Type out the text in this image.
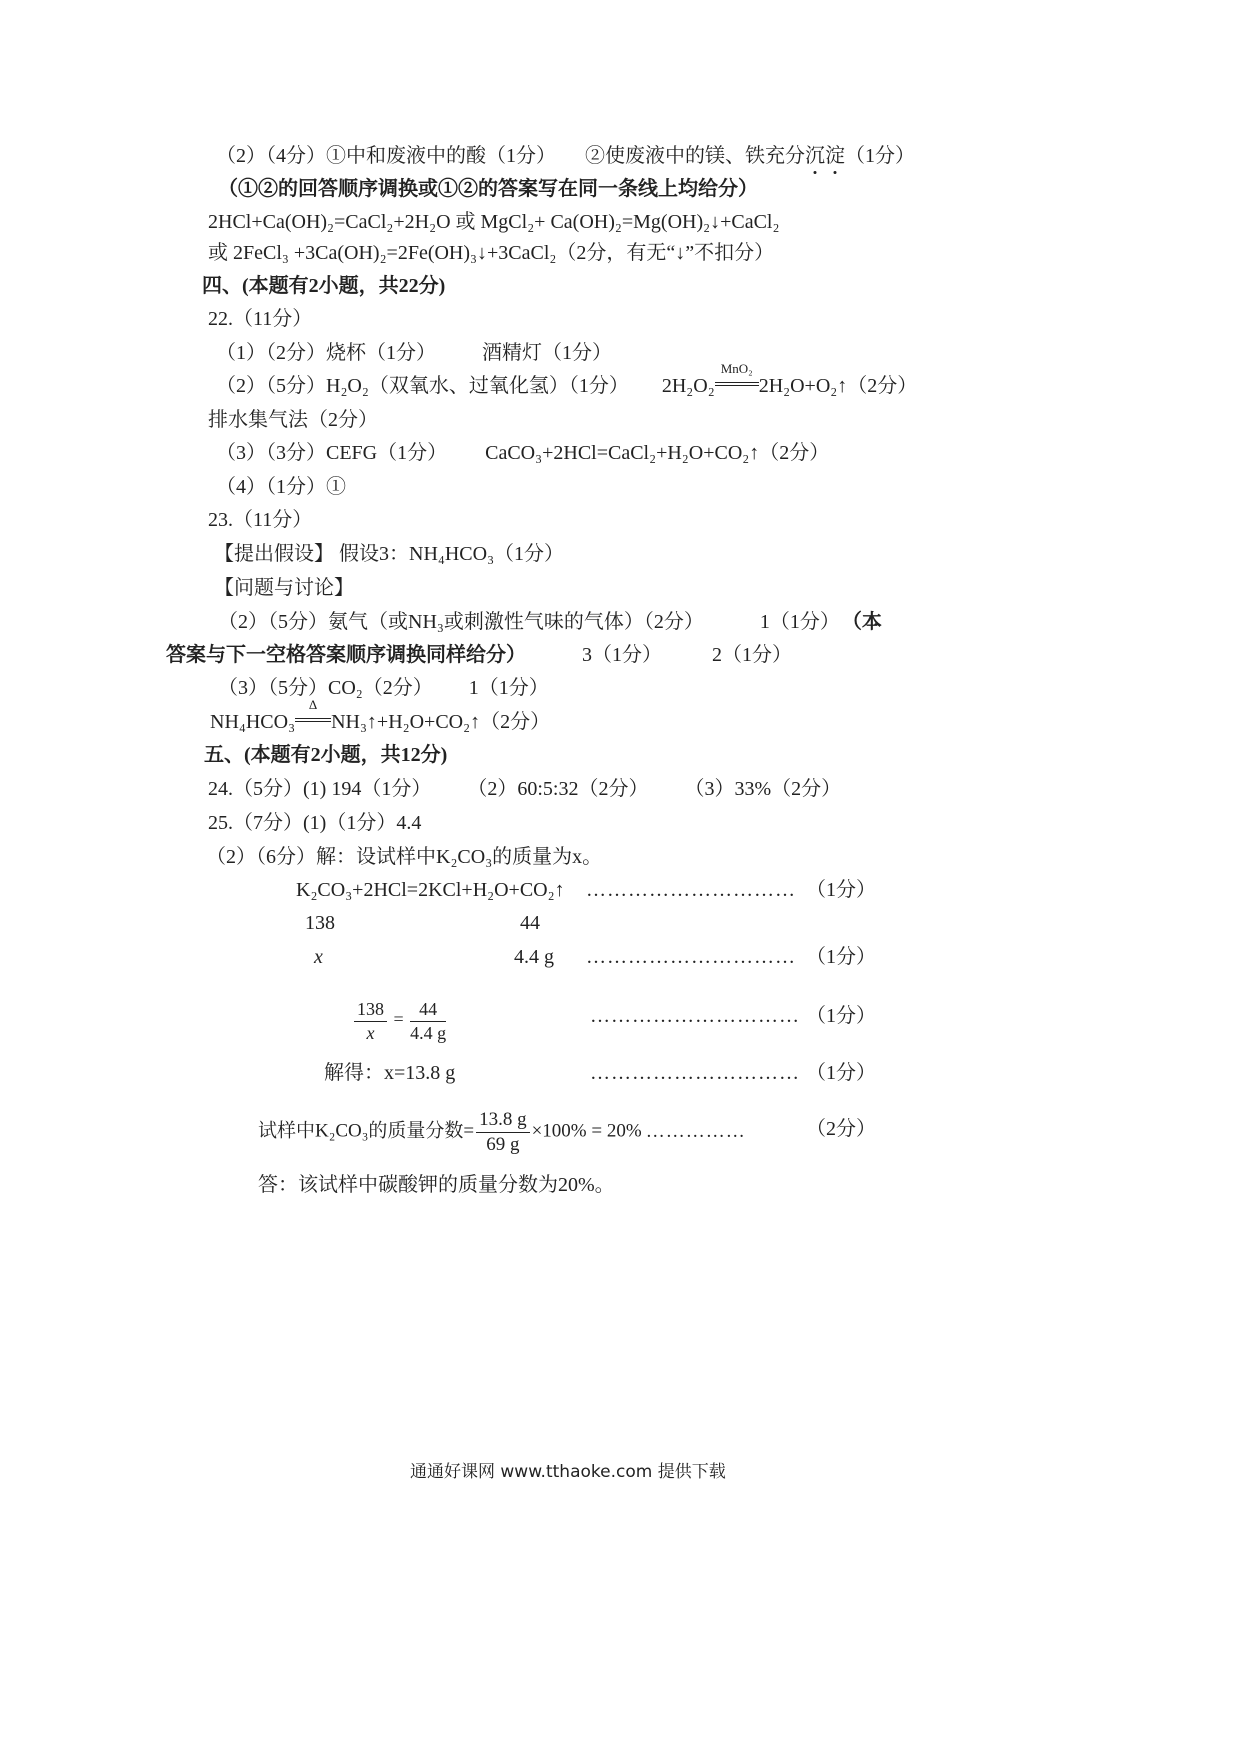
（2）（4分）①中和废液中的酸（1分） ②使废液中的镁、铁充分沉淀（1分）
（①②的回答顺序调换或①②的答案写在同一条线上均给分）
2HCl+Ca(OH)₂=CaCl₂+2H₂O 或 MgCl₂+ Ca(OH)₂=Mg(OH)₂↓+CaCl₂
或 2FeCl₃ +3Ca(OH)₂=2Fe(OH)₃↓+3CaCl₂（2分，有无“↓”不扣分）
四、(本题有2小题，共22分)
22.（11分）
（1）（2分）烧杯（1分） 酒精灯（1分）
（2）（5分）H₂O₂（双氧水、过氧化氢）（1分） 2H₂O₂
MnO₂
2H₂O+O₂↑（2分）
排水集气法（2分）
（3）（3分）CEFG（1分） CaCO₃+2HCl=CaCl₂+H₂O+CO₂↑（2分）
（4）（1分）①
23.（11分）
【提出假设】 假设3：NH₄HCO₃（1分）
【问题与讨论】
（2）（5分）氨气（或NH₃或刺激性气味的气体）（2分）	1（1分） （本
答案与下一空格答案顺序调换同样给分）	3（1分）	2（1分）
（3）（5分）CO₂（2分） 1（1分）
NH₄HCO₃
Δ
NH₃↑+H₂O+CO₂↑（2分）
五、(本题有2小题，共12分)
24.（5分）(1) 194（1分） （2）60:5:32（2分） （3）33%（2分）
25.（7分）(1)（1分）4.4
（2）（6分）解：设试样中K₂CO₃的质量为x。
K₂CO₃+2HCl=2KCl+H₂O+CO₂↑ ………………………… （1分）
138	44
x	4.4 g ………………………… （1分）
$\frac{138}{x} = \frac{44}{4.4 g}$	………………………… （1分）
解得：x=13.8 g	………………………… （1分）
试样中K₂CO₃的质量分数= $\frac{13.8 g}{69 g} \times 100\% = 20\%$ ……………	（2分）
答：该试样中碳酸钾的质量分数为20%。
通通好课网 www.tthaoke.com 提供下载
